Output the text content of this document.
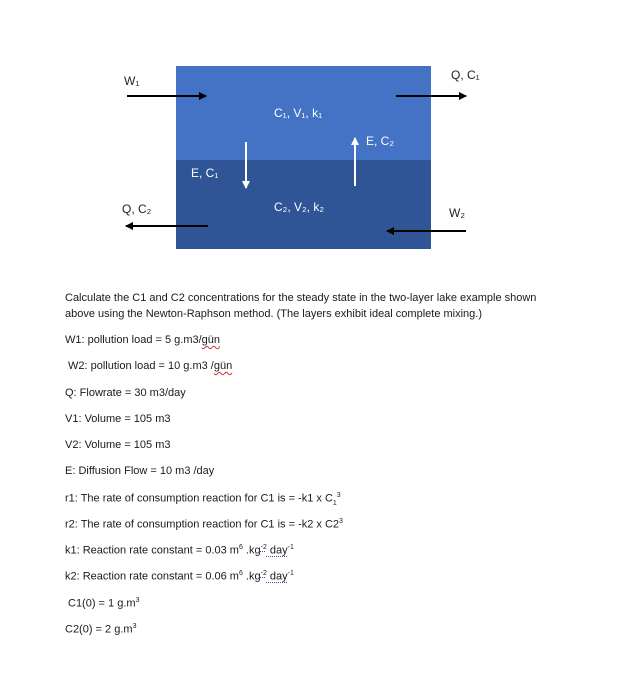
W₁	Q, C₁
C₁, V₁, k₁
E, C₂
E, C₁
Q, C₂	C₂, V₂, k₂	W₂
Calculate the C1 and C2 concentrations for the steady state in the two-layer lake example shown
above using the Newton-Raphson method. (The layers exhibit ideal complete mixing.)
W1: pollution load = 5 g.m3/gün
W2: pollution load = 10 g.m3 /gün
Q: Flowrate = 30 m3/day
V1: Volume = 105 m3
V2: Volume = 105 m3
E: Diffusion Flow = 10 m3 /day
r1: The rate of consumption reaction for C1 is = -k1 x $C_1^3$
r2: The rate of consumption reaction for C1 is = -k2 x $C2^3$
k1: Reaction rate constant = 0.03 $m^6$ $.kg^{-2}$ day$^{-1}$
k2: Reaction rate constant = 0.06 $m^6$ $.kg^{-2}$ day$^{-1}$
C1(0) = 1 $g.m^3$
C2(0) = 2 $g.m^3$
